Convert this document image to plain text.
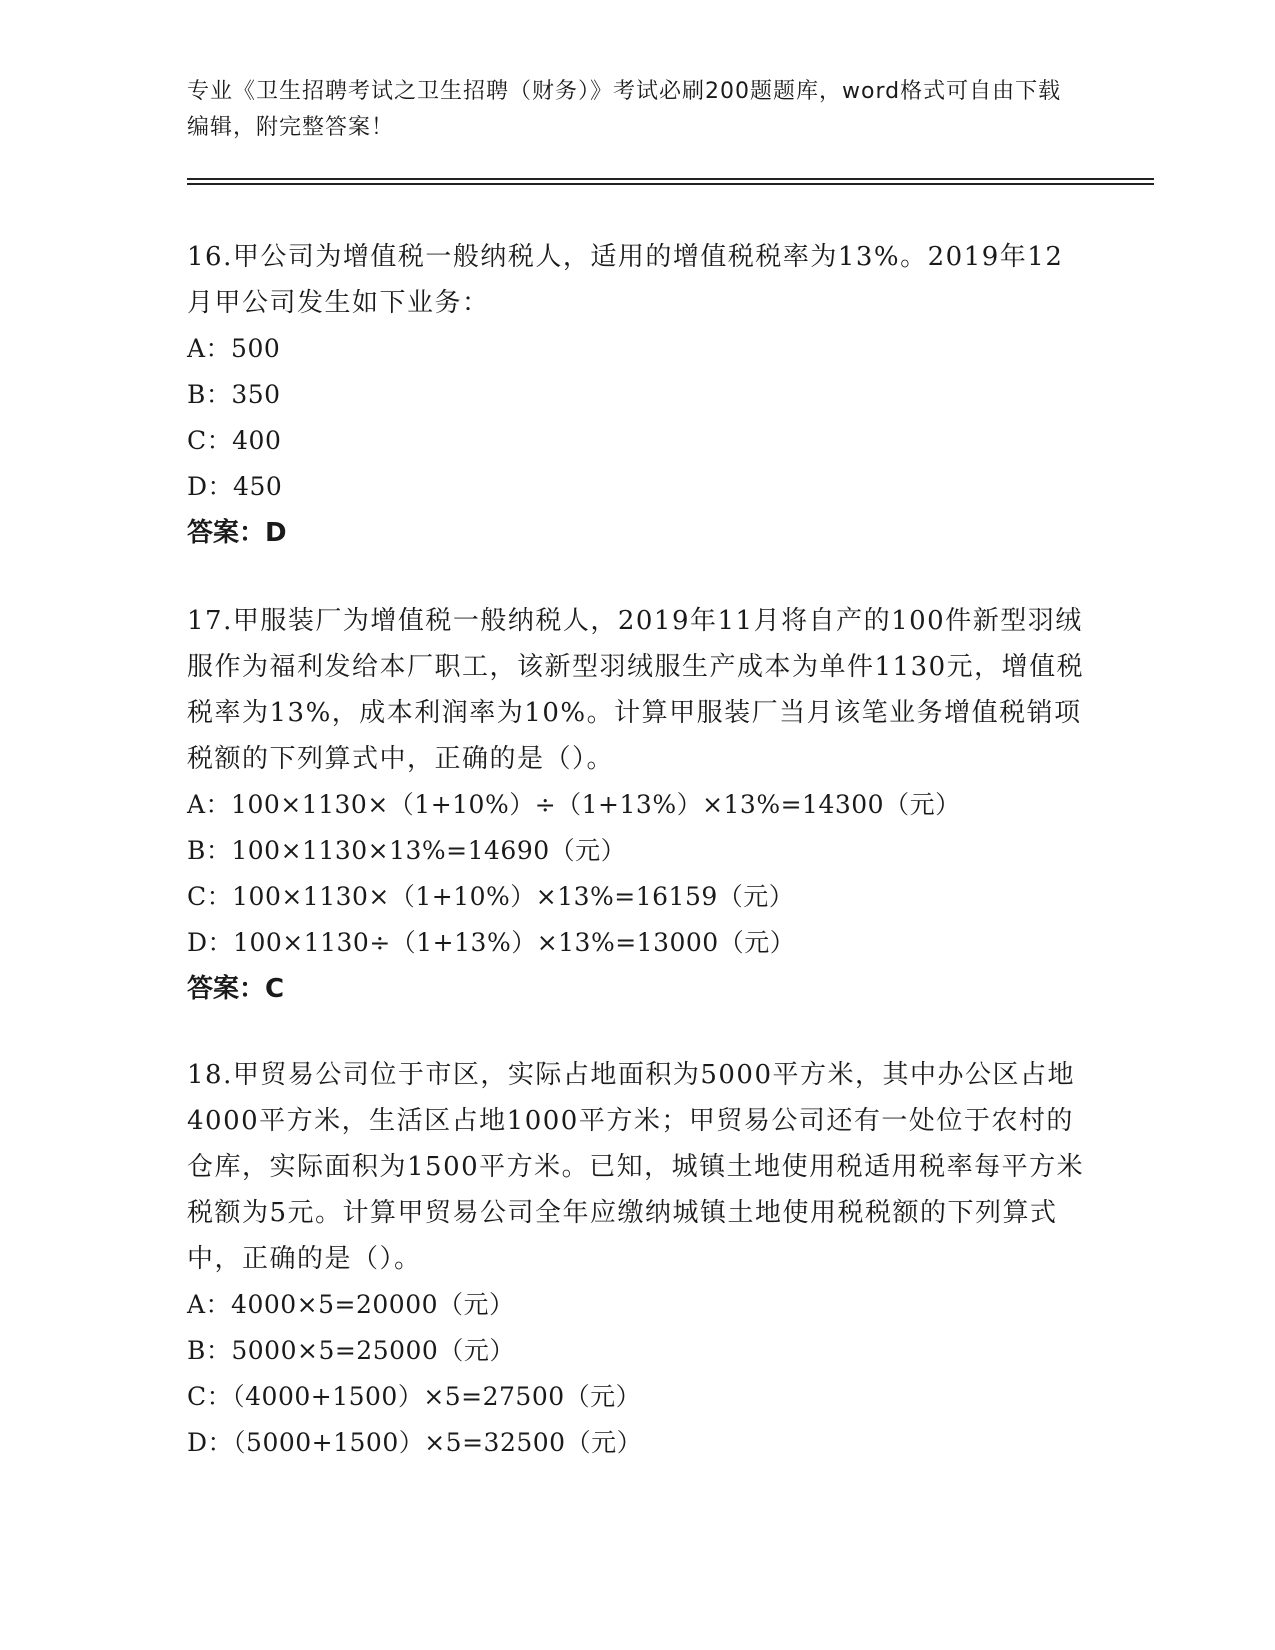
专业《卫生招聘考试之卫生招聘（财务）》考试必刷200题题库，word格式可自由下载编辑，附完整答案！

16.甲公司为增值税一般纳税人，适用的增值税税率为13%。2019年12月甲公司发生如下业务：

A：500

B：350

C：400

D：450

答案：D

17.甲服装厂为增值税一般纳税人，2019年11月将自产的100件新型羽绒服作为福利发给本厂职工，该新型羽绒服生产成本为单件1130元，增值税税率为13%，成本利润率为10%。计算甲服装厂当月该笔业务增值税销项税额的下列算式中，正确的是（）。

A：100×1130×（1+10%）÷（1+13%）×13%=14300（元）

B：100×1130×13%=14690（元）

C：100×1130×（1+10%）×13%=16159（元）

D：100×1130÷（1+13%）×13%=13000（元）

答案：C

18.甲贸易公司位于市区，实际占地面积为5000平方米，其中办公区占地4000平方米，生活区占地1000平方米；甲贸易公司还有一处位于农村的仓库，实际面积为1500平方米。已知，城镇土地使用税适用税率每平方米税额为5元。计算甲贸易公司全年应缴纳城镇土地使用税税额的下列算式中，正确的是（）。

A：4000×5=20000（元）

B：5000×5=25000（元）

C：（4000+1500）×5=27500（元）

D：（5000+1500）×5=32500（元）
